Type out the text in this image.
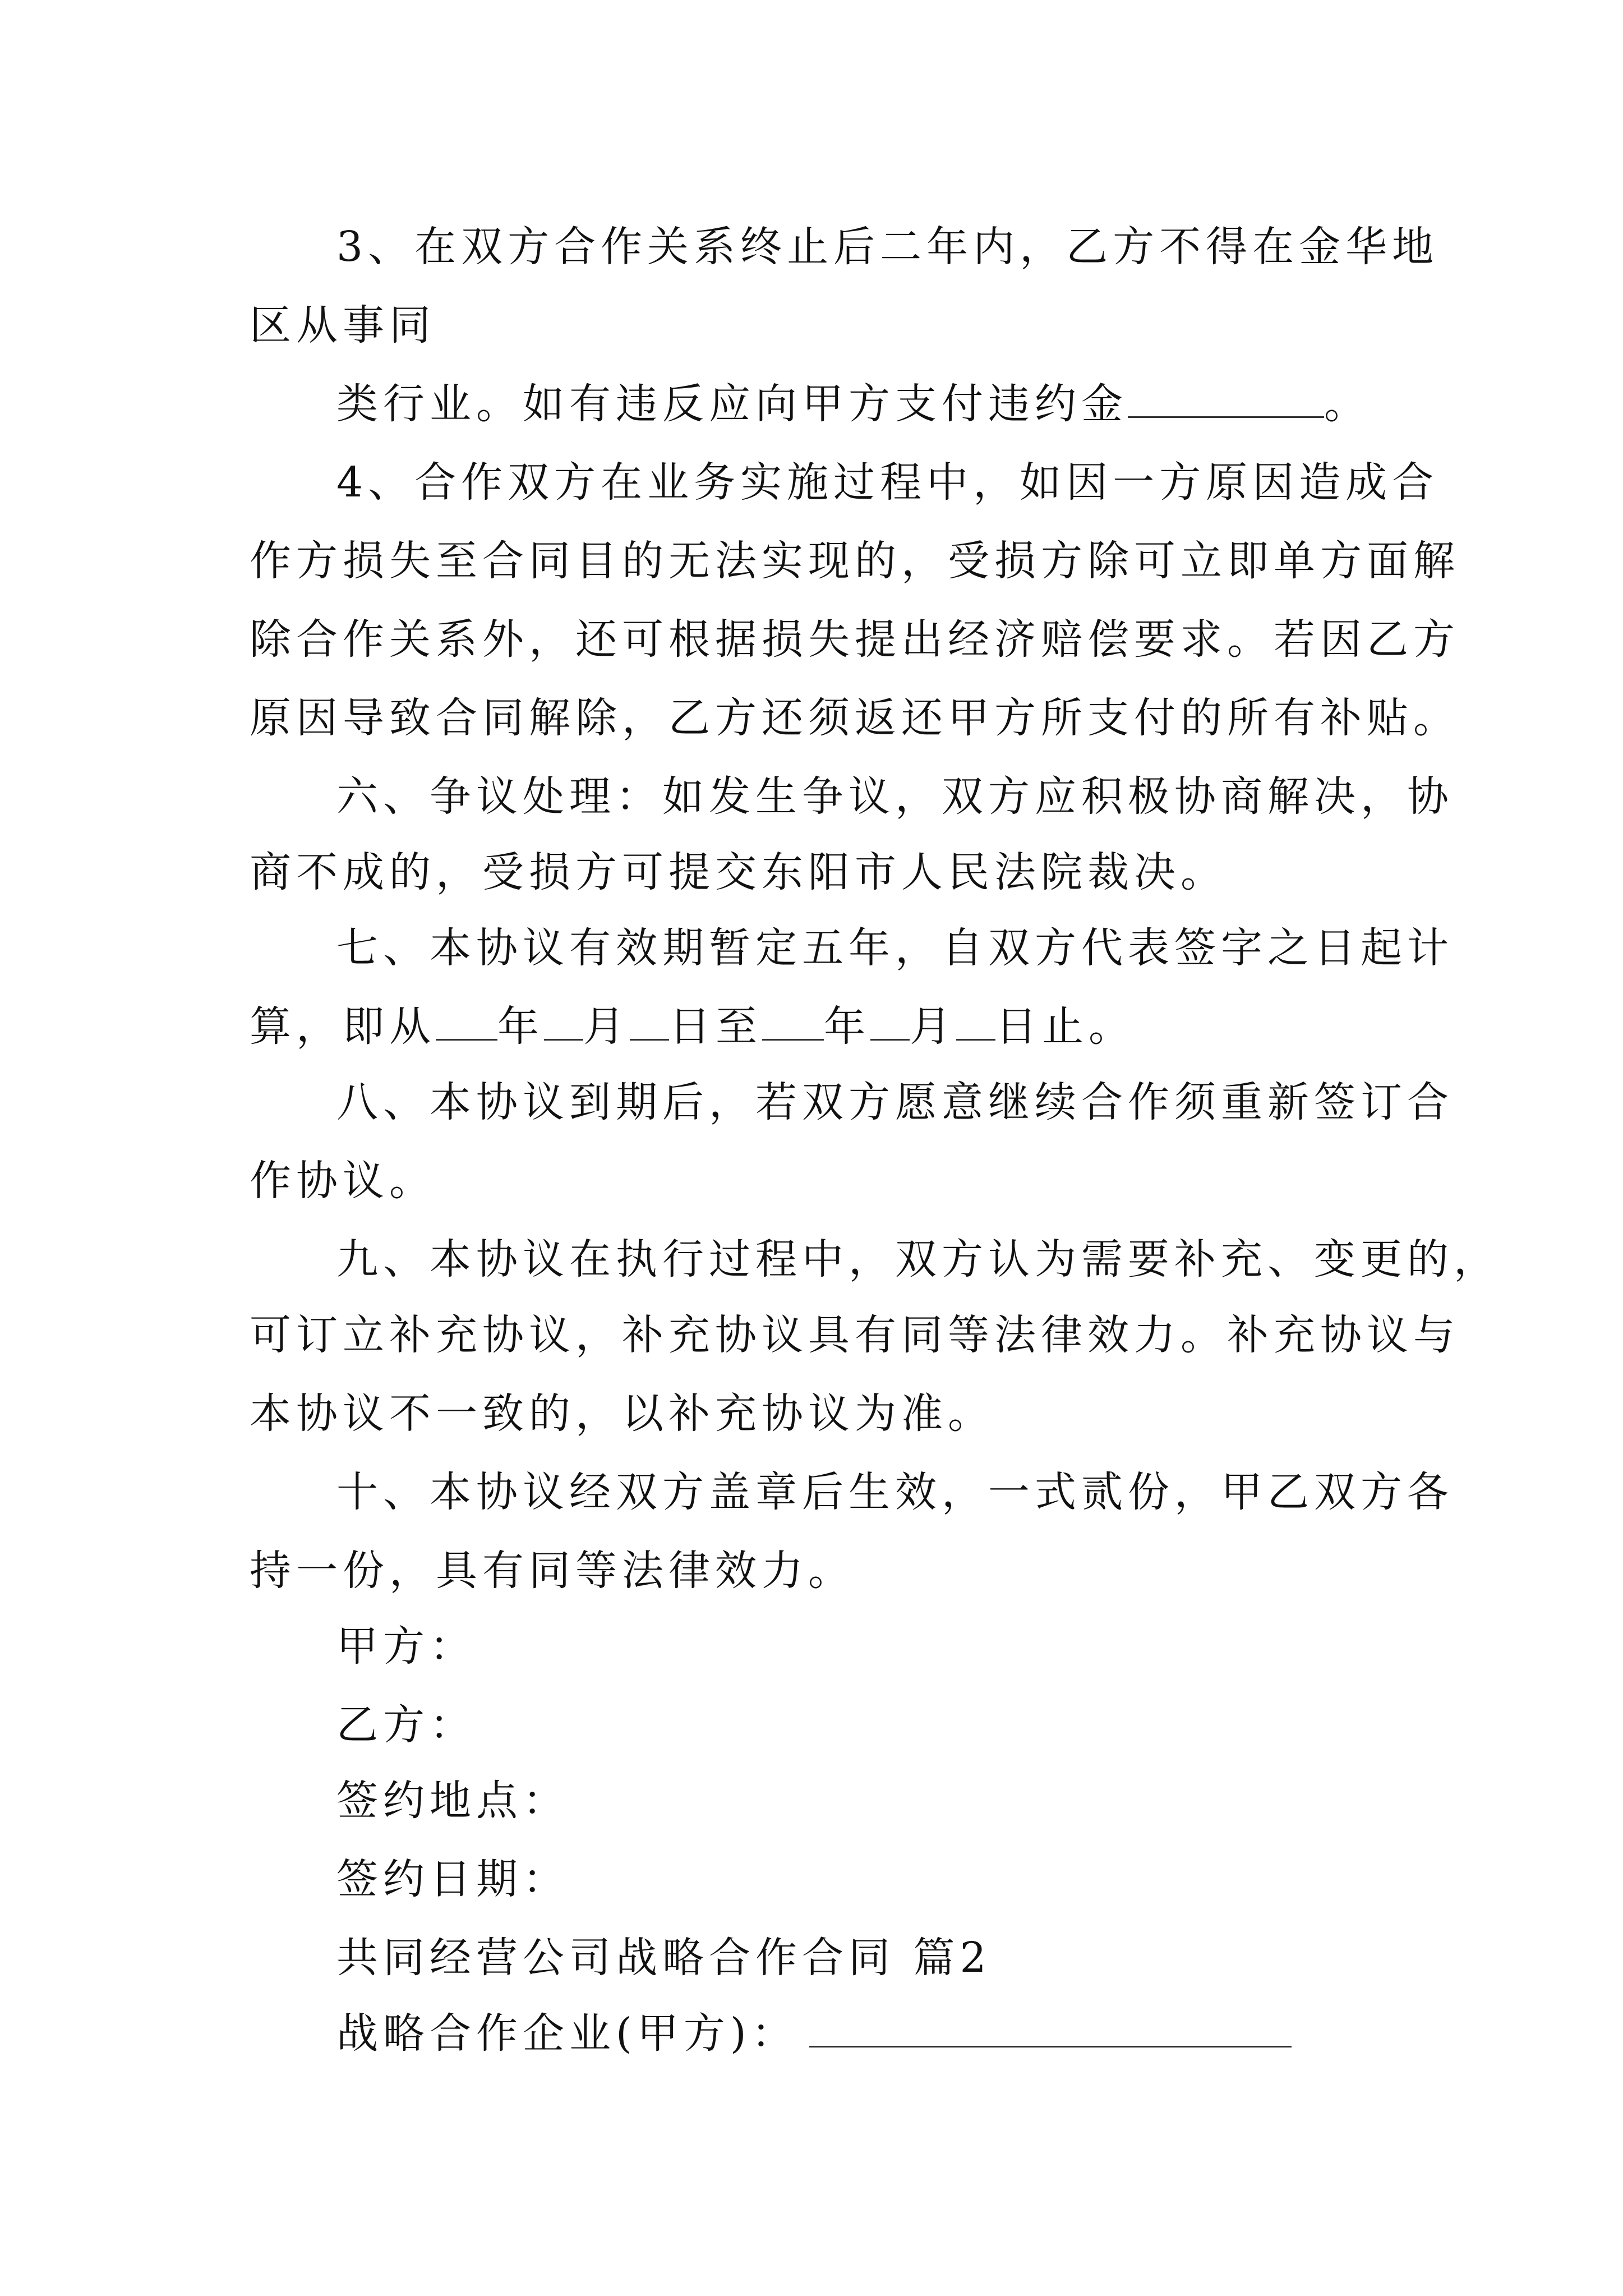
3、在双方合作关系终止后二年内，乙方不得在金华地
区从事同
类行业。如有违反应向甲方支付违约金	。
4、合作双方在业务实施过程中，如因一方原因造成合
作方损失至合同目的无法实现的，受损方除可立即单方面解
除合作关系外，还可根据损失提出经济赔偿要求。若因乙方
原因导致合同解除，乙方还须返还甲方所支付的所有补贴。
六、争议处理：如发生争议，双方应积极协商解决，协
商不成的，受损方可提交东阳市人民法院裁决。
七、本协议有效期暂定五年，自双方代表签字之日起计
算，即从 年 月 日至 年 月 日止。
八、本协议到期后，若双方愿意继续合作须重新签订合
作协议。
九、本协议在执行过程中，双方认为需要补充、变更的，
可订立补充协议，补充协议具有同等法律效力。补充协议与
本协议不一致的，以补充协议为准。
十、本协议经双方盖章后生效，一式贰份，甲乙双方各
持一份，具有同等法律效力。
甲方：
乙方：
签约地点：
签约日期：
共同经营公司战略合作合同 篇2
战略合作企业(甲方)：
